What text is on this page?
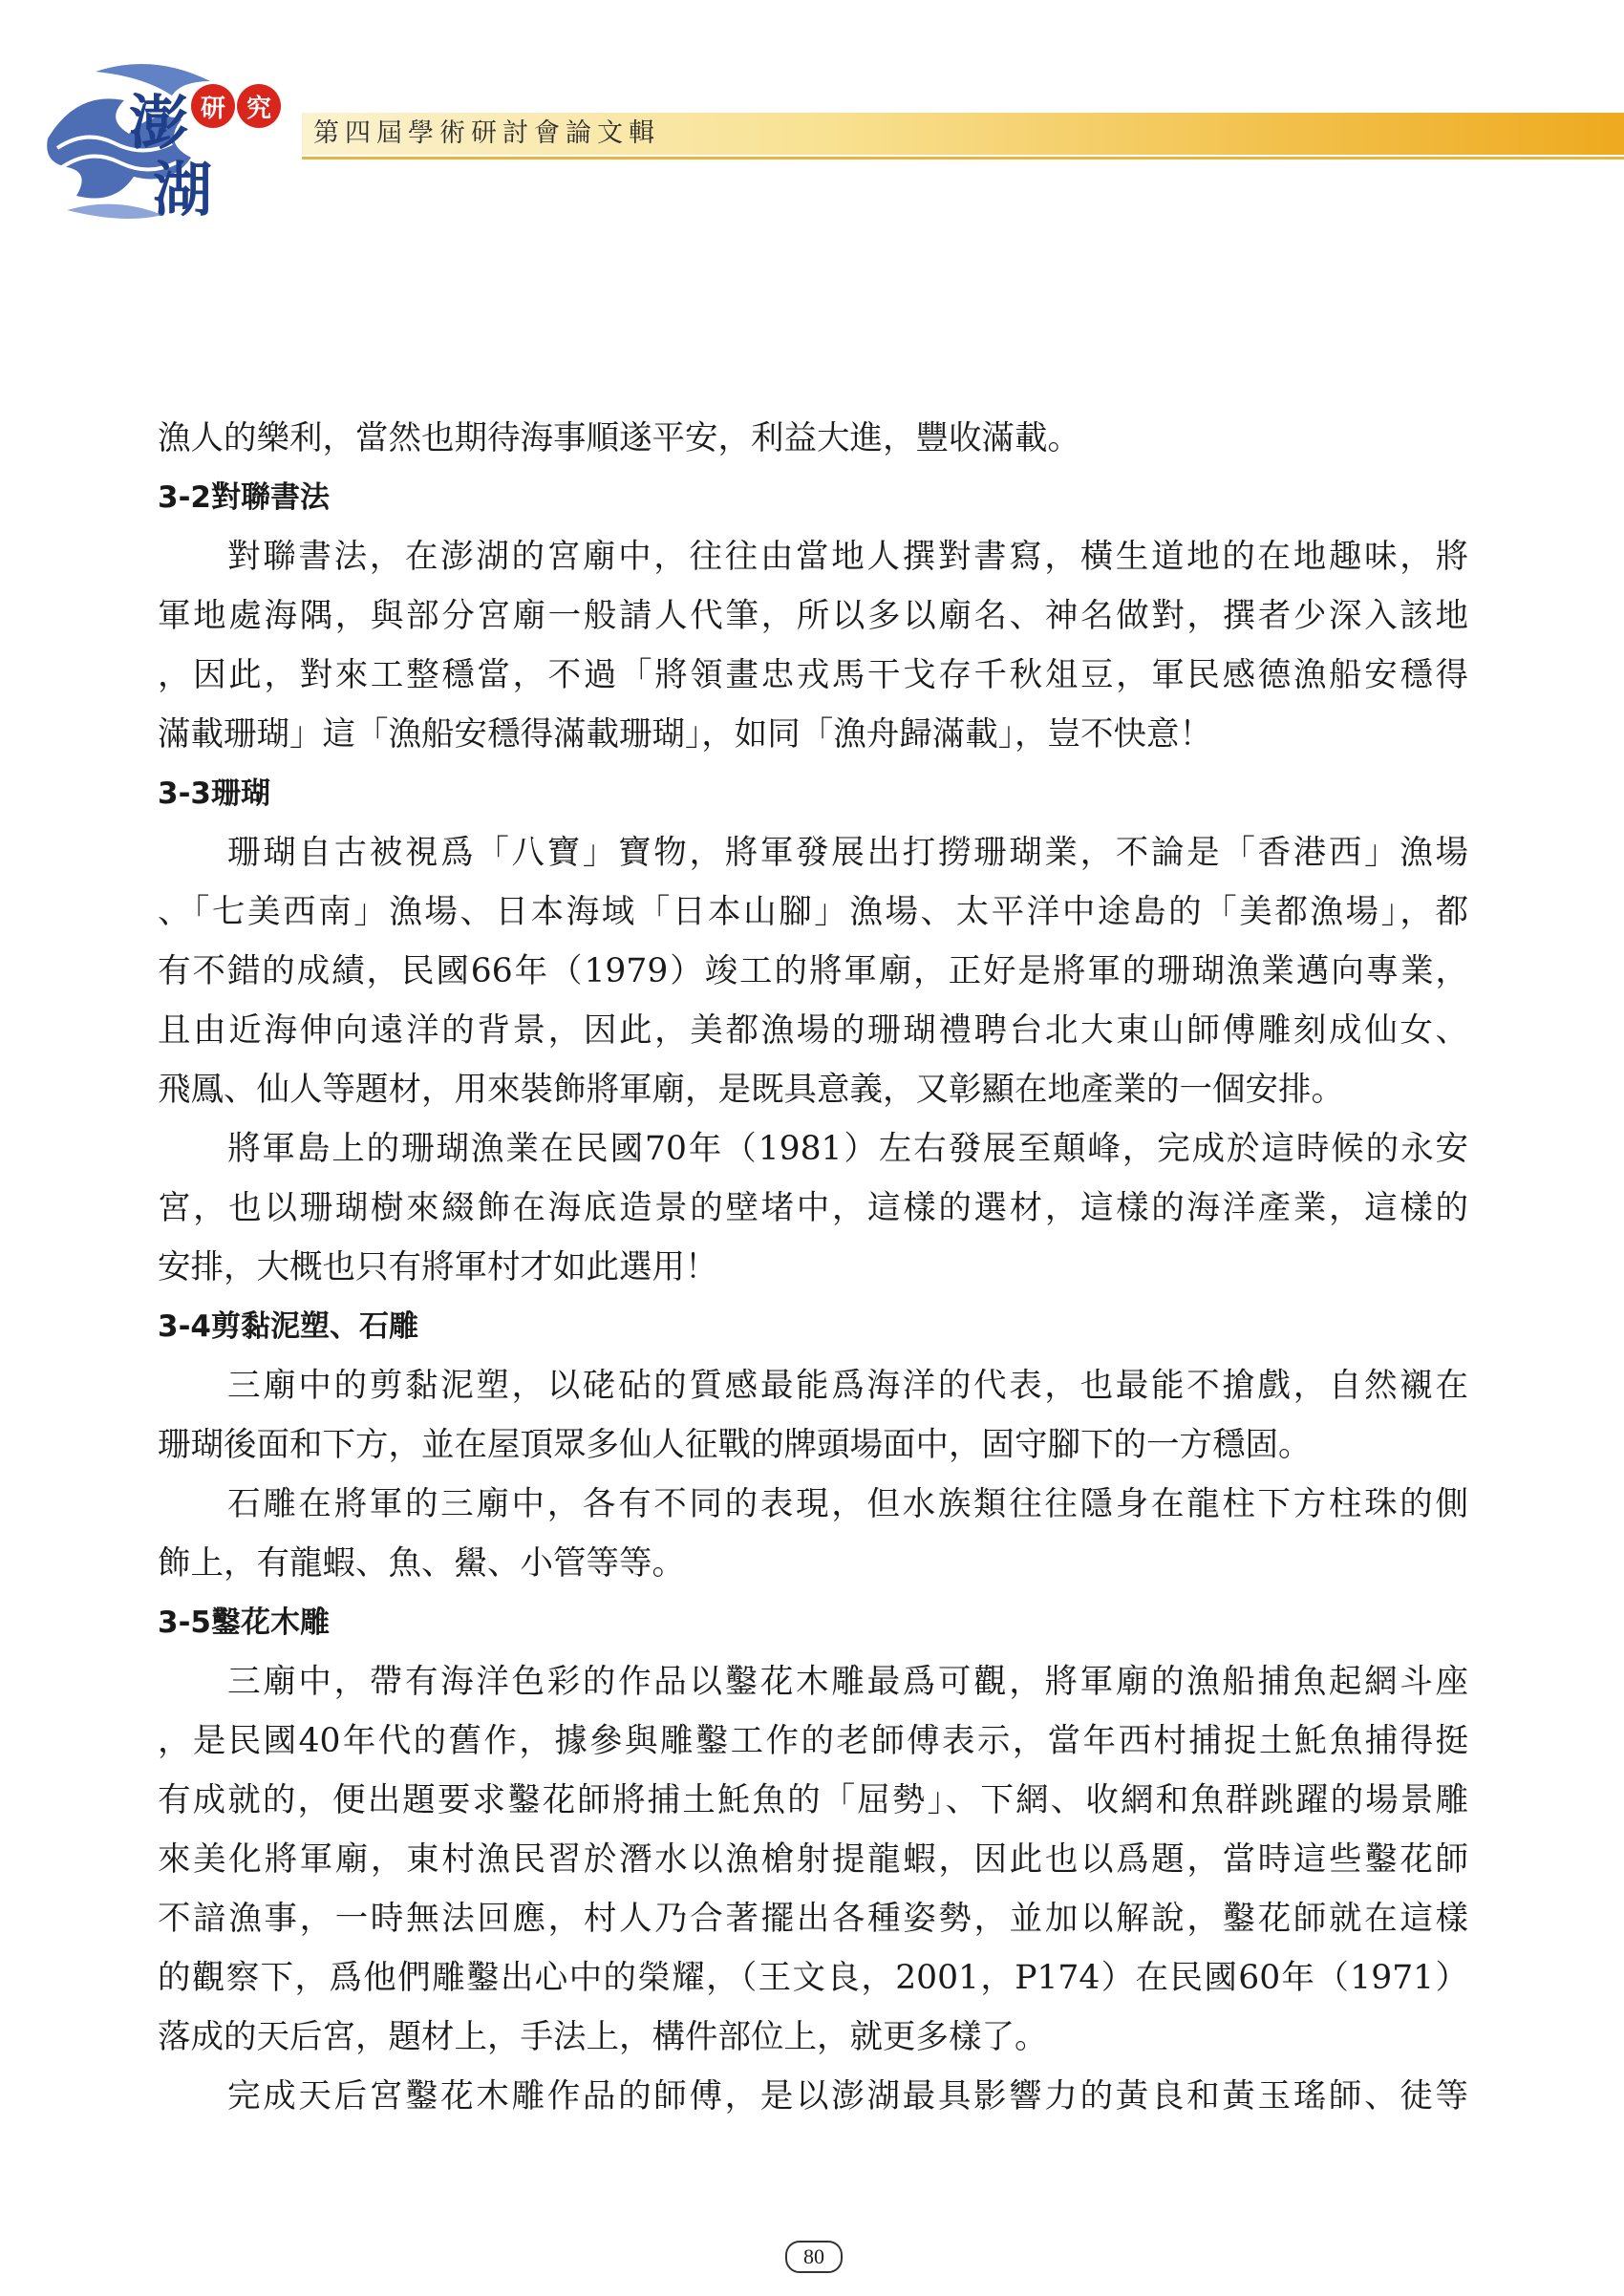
澎
湖
研 究
第四屆學術研討會論文輯
漁人的樂利，當然也期待海事順遂平安，利益大進，豐收滿載。
3-2對聯書法
對聯書法，在澎湖的宮廟中，往往由當地人撰對書寫，橫生道地的在地趣味，將
軍地處海隅，與部分宮廟一般請人代筆，所以多以廟名、神名做對，撰者少深入該地
，因此，對來工整穩當，不過「將領畫忠戎馬干戈存千秋俎豆，軍民感德漁船安穩得
滿載珊瑚」這「漁船安穩得滿載珊瑚」，如同「漁舟歸滿載」，豈不快意！
3-3珊瑚
珊瑚自古被視爲「八寶」寶物，將軍發展出打撈珊瑚業，不論是「香港西」漁場
、「七美西南」漁場、日本海域「日本山腳」漁場、太平洋中途島的「美都漁場」，都
有不錯的成績，民國66年（1979）竣工的將軍廟，正好是將軍的珊瑚漁業邁向專業，
且由近海伸向遠洋的背景，因此，美都漁場的珊瑚禮聘台北大東山師傅雕刻成仙女、
飛鳳、仙人等題材，用來裝飾將軍廟，是既具意義，又彰顯在地產業的一個安排。
將軍島上的珊瑚漁業在民國70年（1981）左右發展至顛峰，完成於這時候的永安
宮，也以珊瑚樹來綴飾在海底造景的壁堵中，這樣的選材，這樣的海洋產業，這樣的
安排，大概也只有將軍村才如此選用！
3-4剪黏泥塑、石雕
三廟中的剪黏泥塑，以硓砧的質感最能爲海洋的代表，也最能不搶戲，自然襯在
珊瑚後面和下方，並在屋頂眾多仙人征戰的牌頭場面中，固守腳下的一方穩固。
石雕在將軍的三廟中，各有不同的表現，但水族類往往隱身在龍柱下方柱珠的側
飾上，有龍蝦、魚、鱟、小管等等。
3-5鑿花木雕
三廟中，帶有海洋色彩的作品以鑿花木雕最爲可觀，將軍廟的漁船捕魚起網斗座
，是民國40年代的舊作，據參與雕鑿工作的老師傅表示，當年西村捕捉土魠魚捕得挺
有成就的，便出題要求鑿花師將捕土魠魚的「屈勢」、下網、收網和魚群跳躍的場景雕
來美化將軍廟，東村漁民習於潛水以漁槍射提龍蝦，因此也以爲題，當時這些鑿花師
不諳漁事，一時無法回應，村人乃合著擺出各種姿勢，並加以解說，鑿花師就在這樣
的觀察下，爲他們雕鑿出心中的榮耀，（王文良，2001，P174）在民國60年（1971）
落成的天后宮，題材上，手法上，構件部位上，就更多樣了。
完成天后宮鑿花木雕作品的師傅，是以澎湖最具影響力的黃良和黃玉瑤師、徒等
80
